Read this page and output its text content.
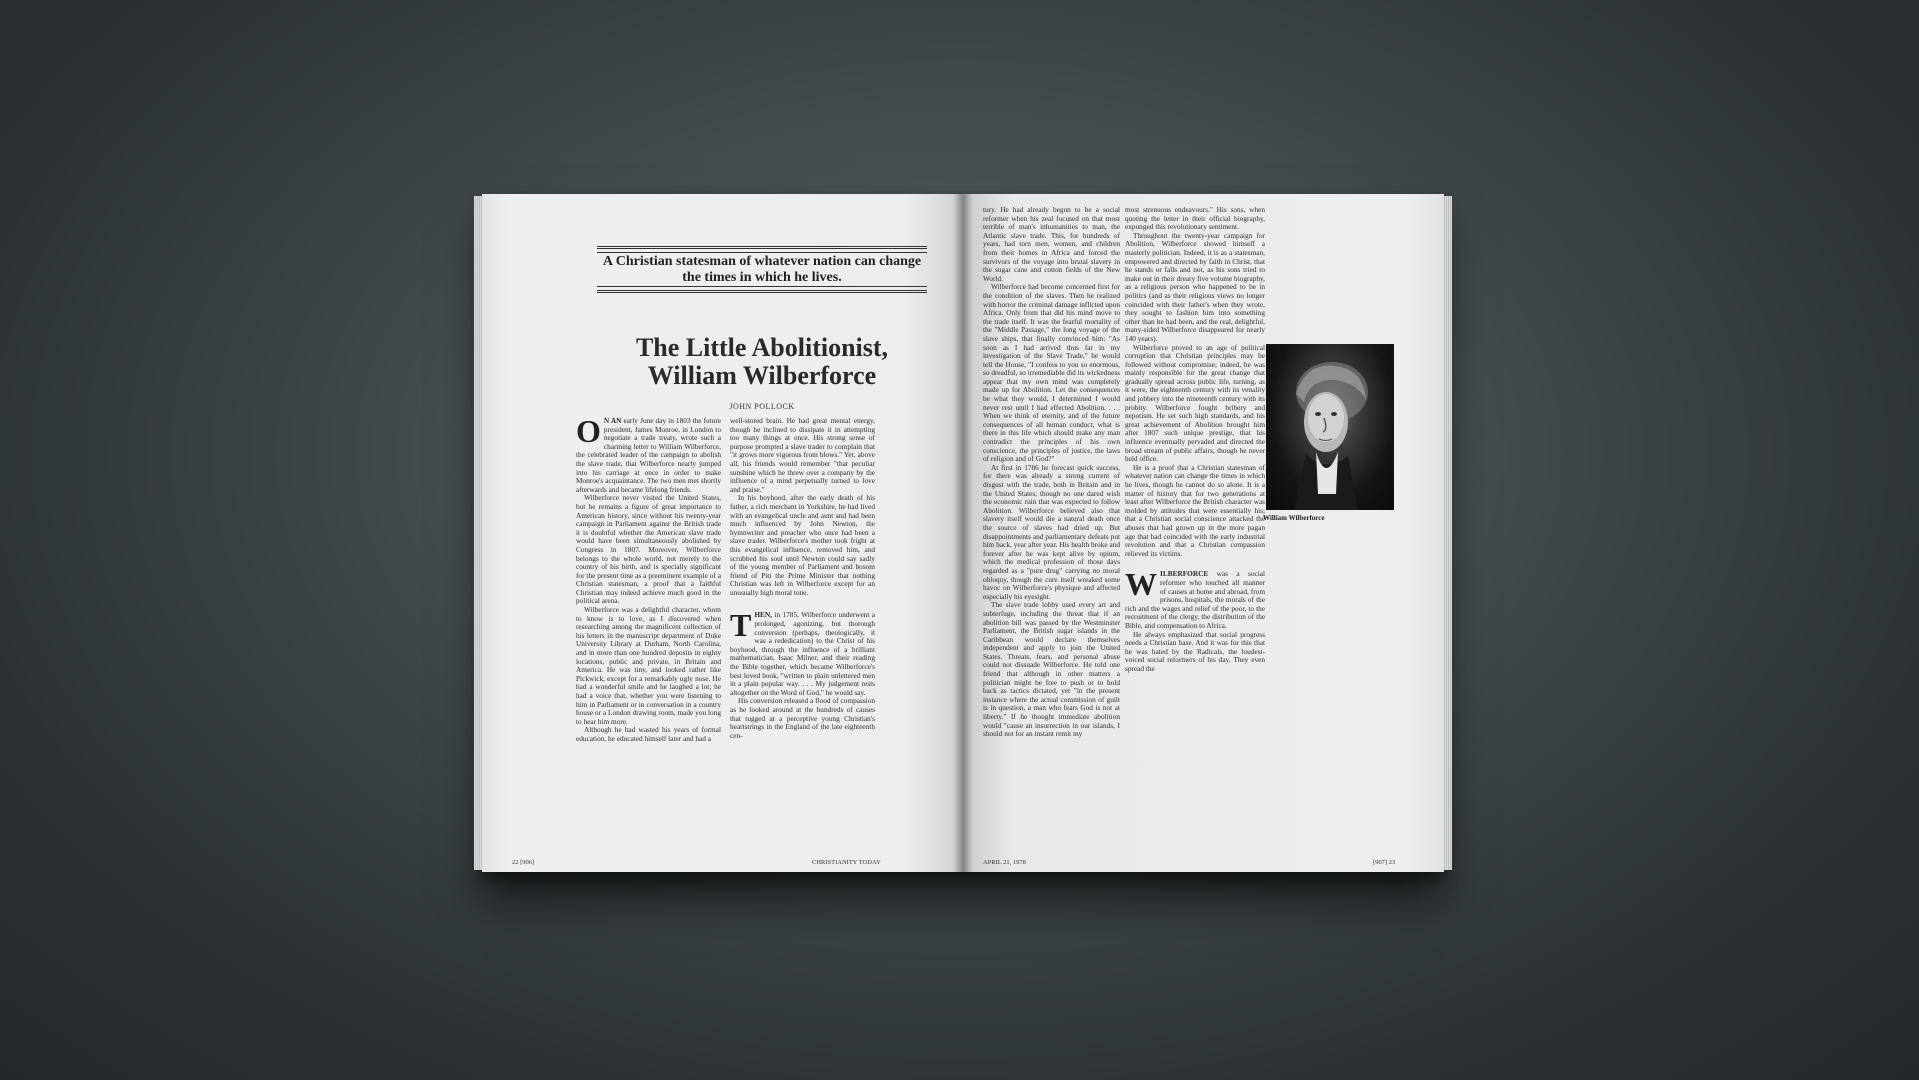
A Christian statesman of whatever nation can change the times in which he lives.
The Little Abolitionist, William Wilberforce
JOHN POLLOCK

O N AN early June day in 1803 the future president, James Monroe, in London to negotiate a trade treaty, wrote such a charming letter to William Wilberforce, the celebrated leader of the campaign to abolish the slave trade, that Wilberforce nearly jumped into his carriage at once in order to make Monroe's acquaintance. The two men met shortly afterwards and became lifelong friends.

Wilberforce never visited the United States, but he remains a figure of great importance to American history, since without his twenty-year campaign in Parliament against the British trade it is doubtful whether the American slave trade would have been simultaneously abolished by Congress in 1807. Moreover, Wilberforce belongs to the whole world, not merely to the country of his birth, and is specially significant for the present time as a preeminent example of a Christian statesman, a proof that a faithful Christian may indeed achieve much good in the political arena.

Wilberforce was a delightful character, whom to know is to love, as I discovered when researching among the magnificent collection of his letters in the manuscript department of Duke University Library at Durham, North Carolina, and in more than one hundred deposits in eighty locations, public and private, in Britain and America. He was tiny, and looked rather like Pickwick, except for a remarkably ugly nose. He had a wonderful smile and he laughed a lot; he had a voice that, whether you were listening to him in Parliament or in conversation in a country house or a London drawing room, made you long to hear him more.

Although he had wasted his years of formal education, he educated himself later and had a

well-stored brain. He had great mental energy, though he inclined to dissipate it in attempting too many things at once. His strong sense of purpose prompted a slave trader to complain that "it grows more vigorous from blows." Yet, above all, his friends would remember "that peculiar sunshine which he threw over a company by the influence of a mind perpetually turned to love and praise."

In his boyhood, after the early death of his father, a rich merchant in Yorkshire, he had lived with an evangelical uncle and aunt and had been much influenced by John Newton, the hymnwriter and preacher who once had been a slave trader. Wilberforce's mother took fright at this evangelical influence, removed him, and scrubbed his soul until Newton could say sadly of the young member of Parliament and bosom friend of Pitt the Prime Minister that nothing Christian was left in Wilberforce except for an unusually high moral tone.

THEN, in 1785, Wilberforce underwent a prolonged, agonizing, but thorough conversion (perhaps, theologically, it was a rededication) to the Christ of his boyhood, through the influence of a brilliant mathematician, Isaac Milner, and their reading the Bible together, which became Wilberforce's best loved book, "written to plain unlettered men in a plain popular way. . . . My judgement rests altogether on the Word of God," he would say.

His conversion released a flood of compassion as he looked around at the hundreds of causes that tugged at a perceptive young Christian's heartstrings in the England of the late eighteenth cen-

22 [906]	CHRISTIANITY TODAY

tury. He had already begun to be a social reformer when his zeal focused on that most terrible of man's inhumanities to man, the Atlantic slave trade. This, for hundreds of years, had torn men, women, and children from their homes in Africa and forced the survivors of the voyage into brutal slavery in the sugar cane and cotton fields of the New World.

Wilberforce had become concerned first for the condition of the slaves. Then he realized with horror the criminal damage inflicted upon Africa. Only from that did his mind move to the trade itself. It was the fearful mortality of the "Middle Passage," the long voyage of the slave ships, that finally convinced him: "As soon as I had arrived thus far in my investigation of the Slave Trade," he would tell the House, "I confess to you so enormous, so dreadful, so irremediable did its wickedness appear that my own mind was completely made up for Abolition. Let the consequences be what they would, I determined I would never rest until I had effected Abolition. . . . When we think of eternity, and of the future consequences of all human conduct, what is there in this life which should make any man contradict the principles of his own conscience, the principles of justice, the laws of religion and of God?"

At first in 1786 he forecast quick success, for there was already a strong current of disgust with the trade, both in Britain and in the United States, though no one dared wish the economic ruin that was expected to follow Abolition. Wilberforce believed also that slavery itself would die a natural death once the source of slaves had dried up. But disappointments and parliamentary defeats put him back, year after year. His health broke and forever after he was kept alive by opium, which the medical profession of those days regarded as a "pure drug" carrying no moral obloquy, though the cure itself wreaked some havoc on Wilberforce's physique and affected especially his eyesight.

The slave trade lobby used every art and subterfuge, including the threat that if an abolition bill was passed by the Westminster Parliament, the British sugar islands in the Caribbean would declare themselves independent and apply to join the United States. Threats, fears, and personal abuse could not dissuade Wilberforce. He told one friend that although in other matters a politician might be free to push or to hold back as tactics dictated, yet "in the present instance where the actual commission of guilt is in question, a man who fears God is not at liberty." If he thought immediate abolition would "cause an insurrection in our islands, I should not for an instant remit my

most strenuous endeavours." His sons, when quoting the letter in their official biography, expunged this revolutionary sentiment.

Throughout the twenty-year campaign for Abolition, Wilberforce showed himself a masterly politician. Indeed, it is as a statesman, empowered and directed by faith in Christ, that he stands or falls and not, as his sons tried to make out in their dreary five volume biography, as a religious person who happened to be in politics (and as their religious views no longer coincided with their father's when they wrote, they sought to fashion him into something other than he had been, and the real, delightful, many-sided Wilberforce disappeared for nearly 140 years).

Wilberforce proved to an age of political corruption that Christian principles may be followed without compromise; indeed, he was mainly responsible for the great change that gradually spread across public life, turning, as it were, the eighteenth century with its venality and jobbery into the nineteenth century with its probity. Wilberforce fought bribery and nepotism. He set such high standards, and his great achievement of Abolition brought him after 1807 such unique prestige, that his influence eventually pervaded and directed the broad stream of public affairs, though he never held office.

He is a proof that a Christian statesman of whatever nation can change the times in which he lives, though he cannot do so alone. It is a matter of history that for two generations at least after Wilberforce the British character was molded by attitudes that were essentially his; that a Christian social conscience attacked the abuses that had grown up in the more pagan age that had coincided with the early industrial revolution and that a Christian compassion relieved its victims.

WILBERFORCE was a social reformer who touched all manner of causes at home and abroad, from prisons, hospitals, the morals of the rich and the wages and relief of the poor, to the recruitment of the clergy, the distribution of the Bible, and compensation to Africa.

He always emphasized that social progress needs a Christian base. And it was for this that he was hated by the Radicals, the loudest-voiced social reformers of his day. They even spread the

William Wilberforce
APRIL 21, 1978	[907] 23
